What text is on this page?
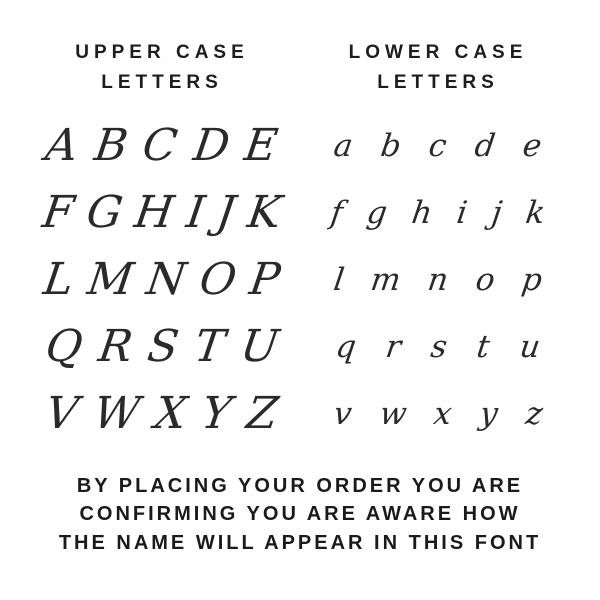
UPPER CASE
LETTERS
A B C D E
F G H I J K
L M N O P
Q R S T U
V W X Y Z
LOWER CASE
LETTERS
a b c d e
f g h i j k
l m n o p
q r s t u
v w x y z
BY PLACING YOUR ORDER YOU ARE
CONFIRMING YOU ARE AWARE HOW
THE NAME WILL APPEAR IN THIS FONT
